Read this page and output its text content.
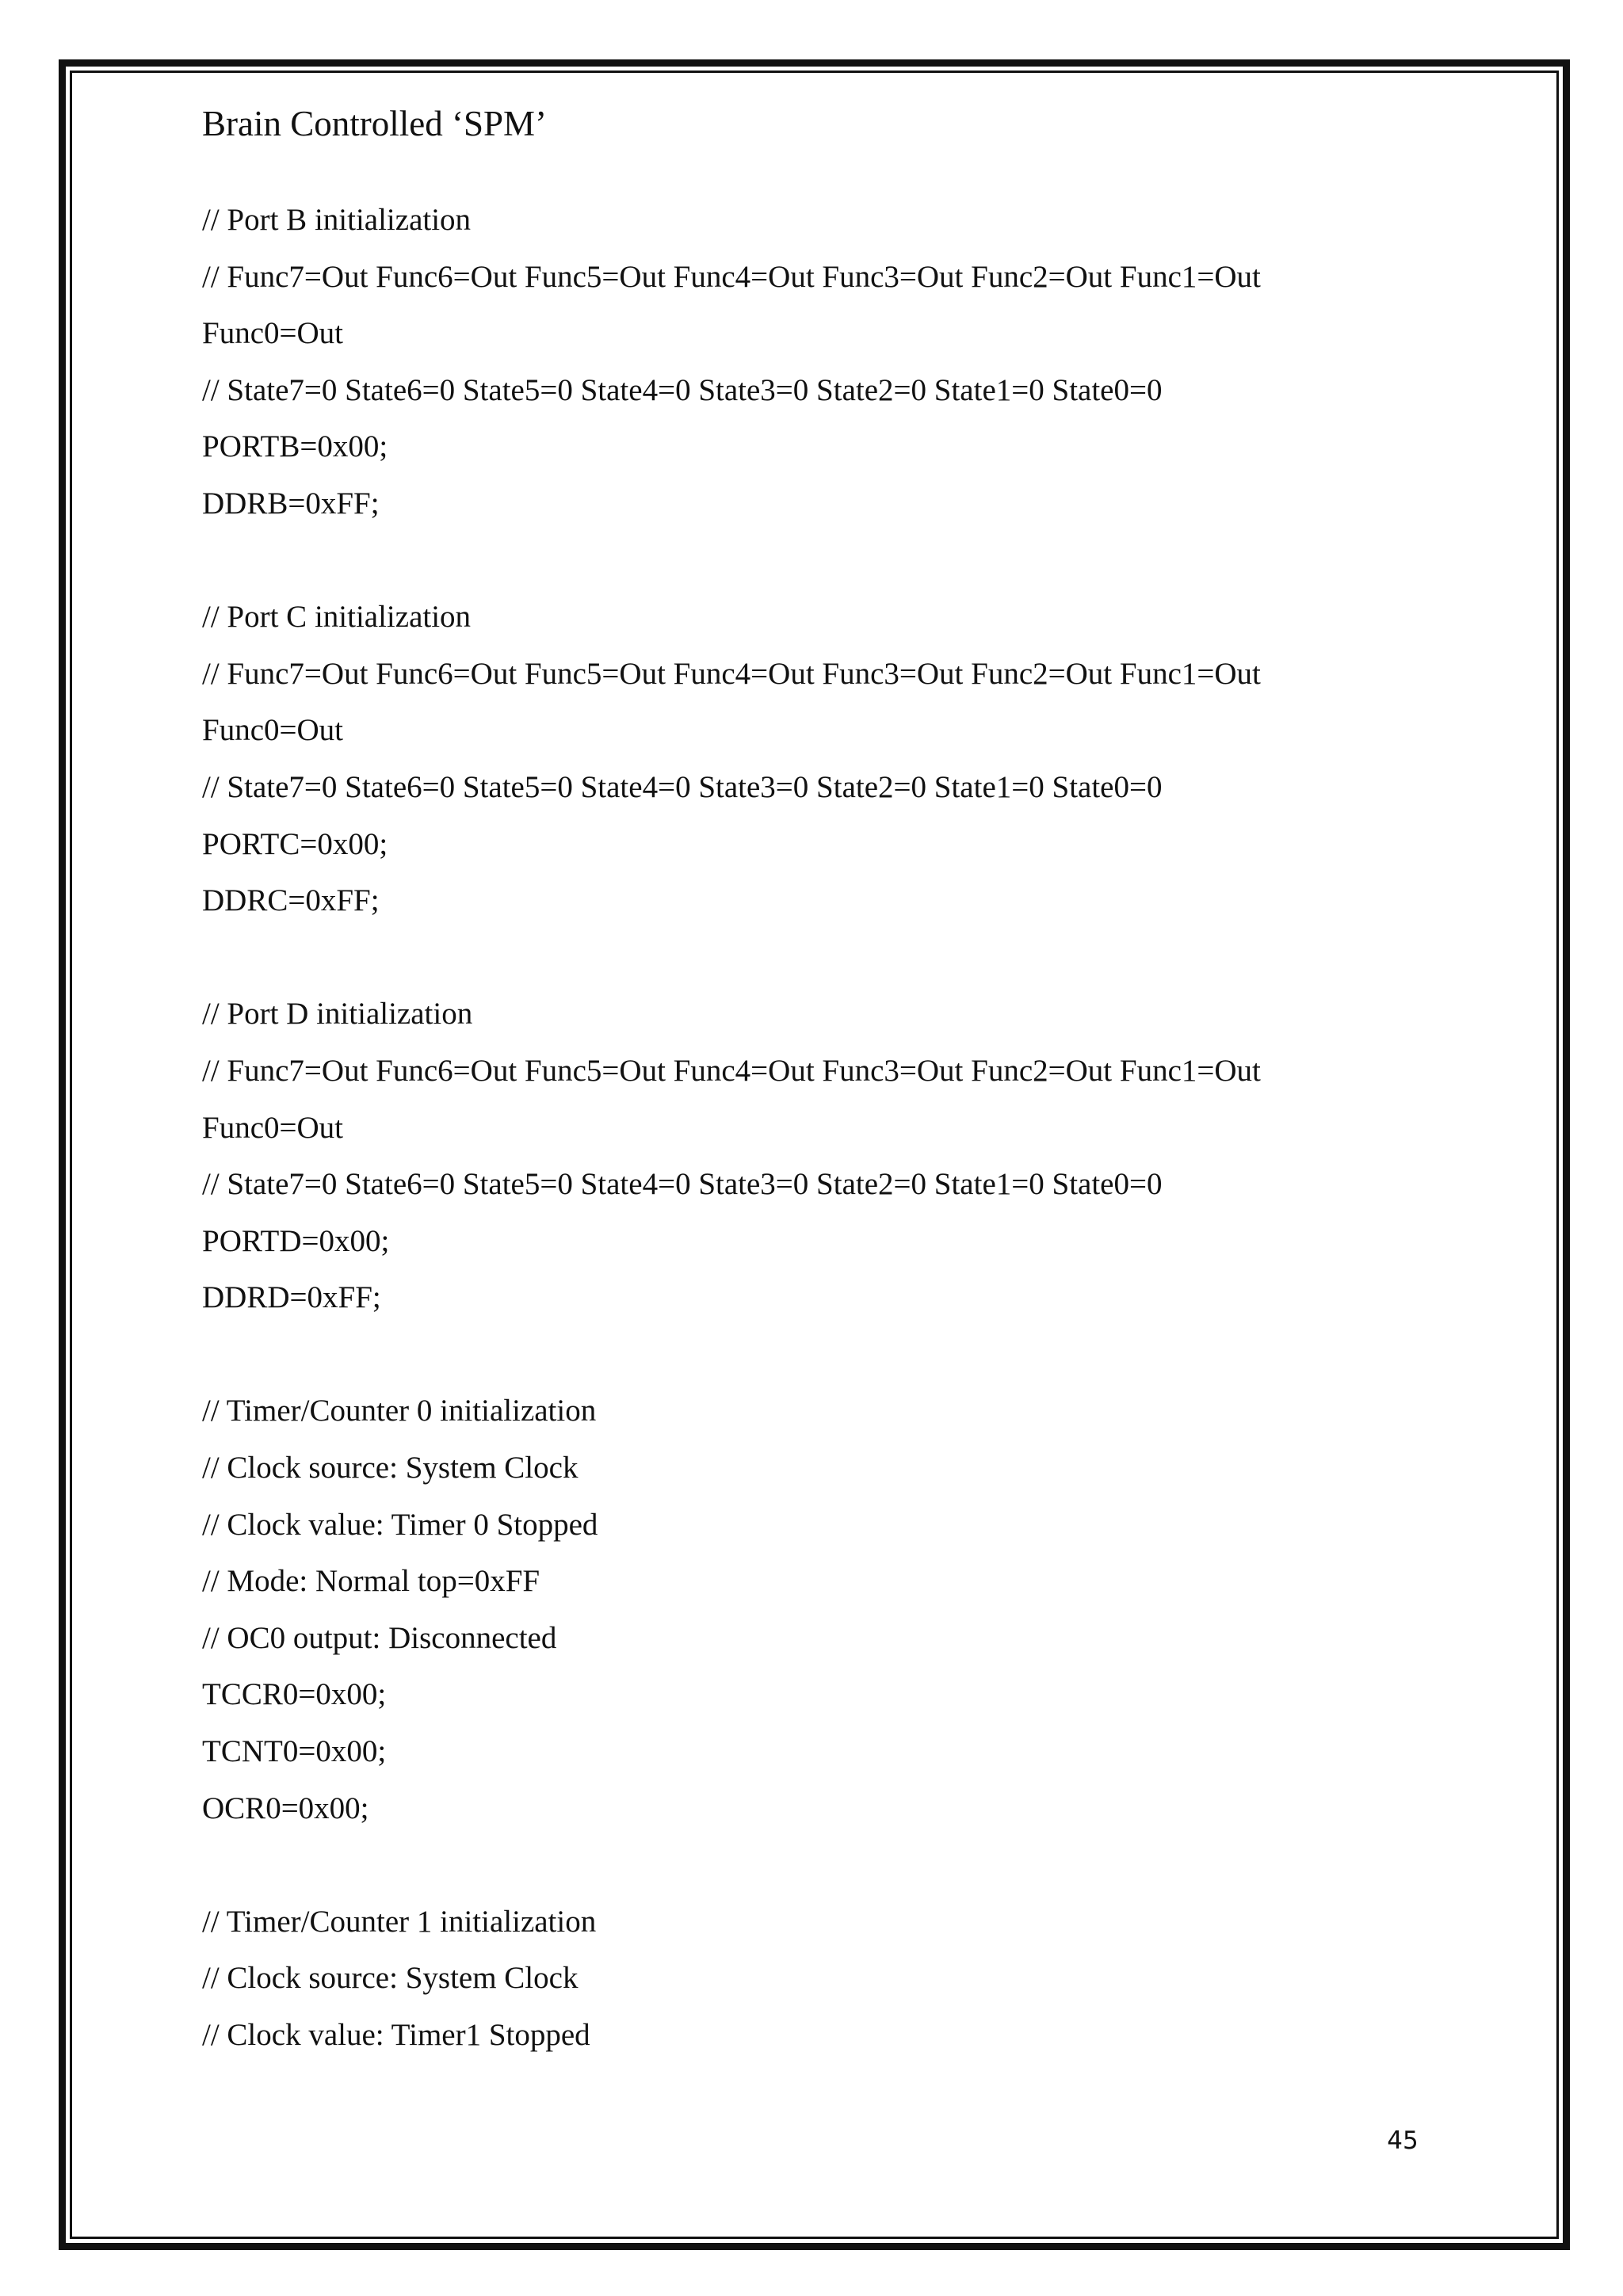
Brain Controlled ‘SPM’
// Port B initialization
// Func7=Out Func6=Out Func5=Out Func4=Out Func3=Out Func2=Out Func1=Out
Func0=Out
// State7=0 State6=0 State5=0 State4=0 State3=0 State2=0 State1=0 State0=0
PORTB=0x00;
DDRB=0xFF;
// Port C initialization
// Func7=Out Func6=Out Func5=Out Func4=Out Func3=Out Func2=Out Func1=Out
Func0=Out
// State7=0 State6=0 State5=0 State4=0 State3=0 State2=0 State1=0 State0=0
PORTC=0x00;
DDRC=0xFF;
// Port D initialization
// Func7=Out Func6=Out Func5=Out Func4=Out Func3=Out Func2=Out Func1=Out
Func0=Out
// State7=0 State6=0 State5=0 State4=0 State3=0 State2=0 State1=0 State0=0
PORTD=0x00;
DDRD=0xFF;
// Timer/Counter 0 initialization
// Clock source: System Clock
// Clock value: Timer 0 Stopped
// Mode: Normal top=0xFF
// OC0 output: Disconnected
TCCR0=0x00;
TCNT0=0x00;
OCR0=0x00;
// Timer/Counter 1 initialization
// Clock source: System Clock
// Clock value: Timer1 Stopped
45
